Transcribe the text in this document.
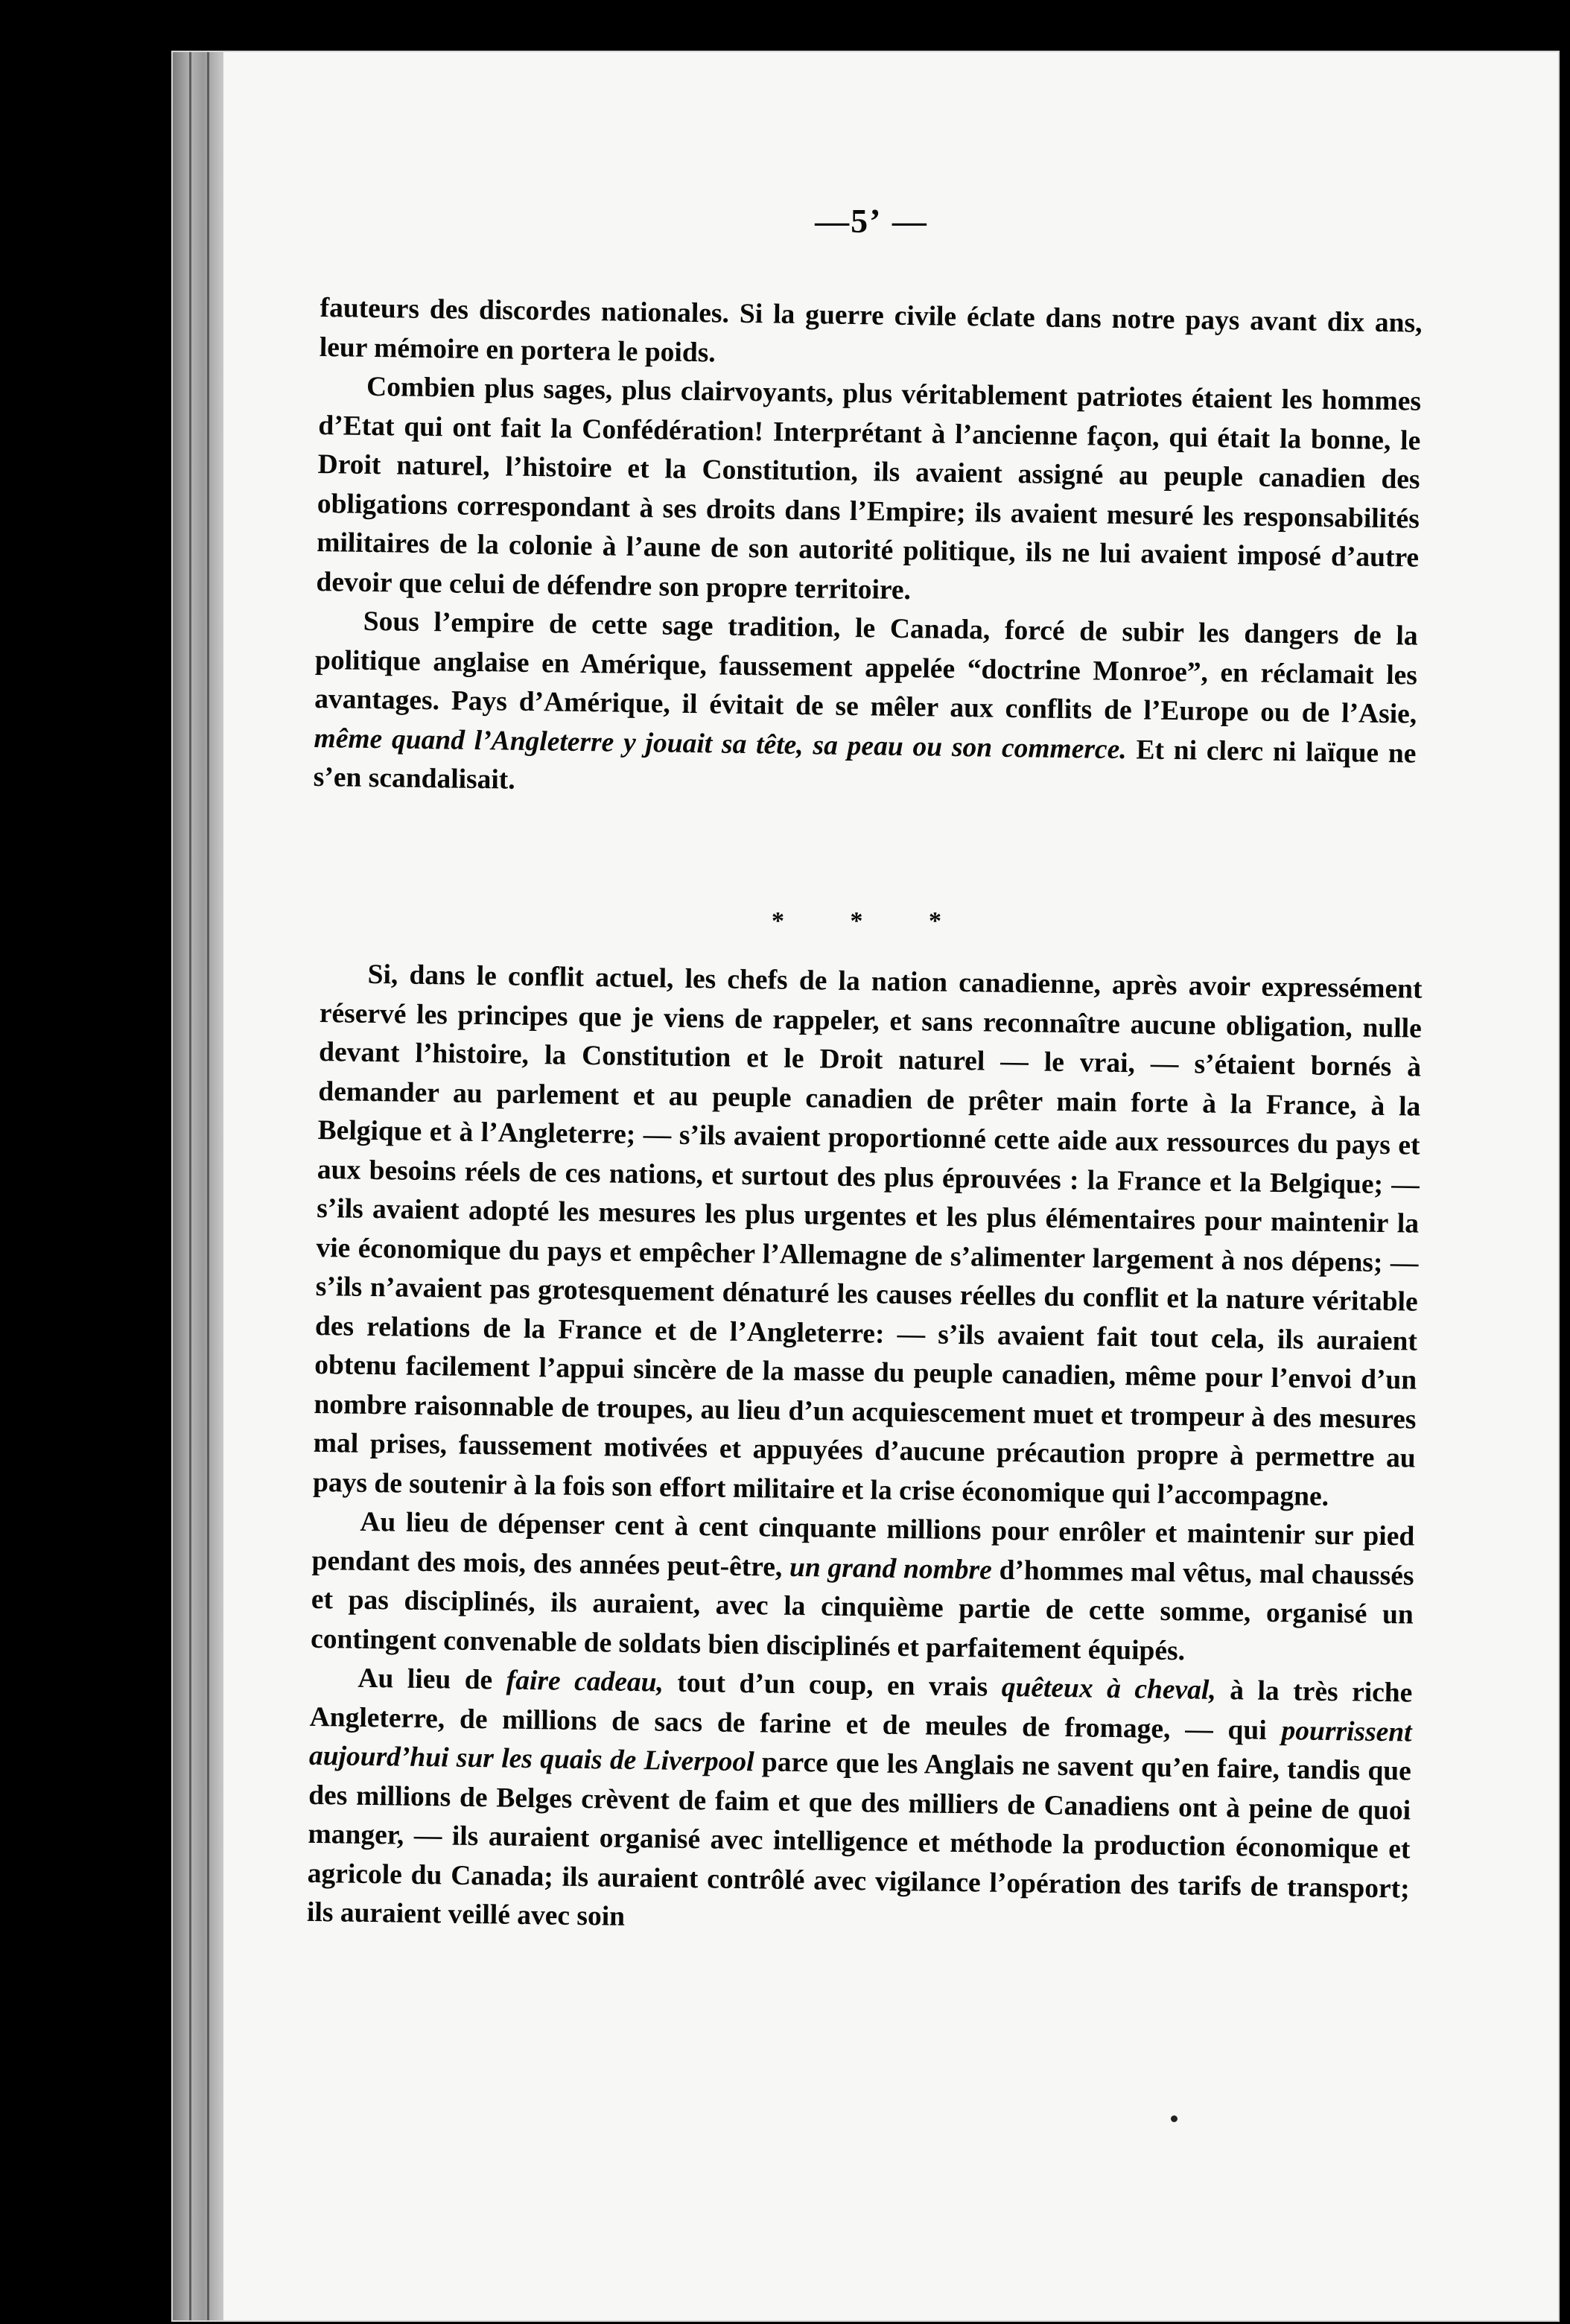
—5ʼ —

fauteurs des discordes nationales. Si la guerre civile éclate dans notre pays avant dix ans, leur mémoire en portera le poids.

Combien plus sages, plus clairvoyants, plus véritablement patriotes étaient les hommes d’Etat qui ont fait la Confédération! Interprétant à l’ancienne façon, qui était la bonne, le Droit naturel, l’histoire et la Constitution, ils avaient assigné au peuple canadien des obligations correspondant à ses droits dans l’Empire; ils avaient mesuré les responsabilités militaires de la colonie à l’aune de son autorité politique, ils ne lui avaient imposé d’autre devoir que celui de défendre son propre territoire.

Sous l’empire de cette sage tradition, le Canada, forcé de subir les dangers de la politique anglaise en Amérique, faussement appelée “doctrine Monroe”, en réclamait les avantages. Pays d’Amérique, il évitait de se mêler aux conflits de l’Europe ou de l’Asie, même quand l’Angleterre y jouait sa tête, sa peau ou son commerce. Et ni clerc ni laïque ne s’en scandalisait.

* * *

Si, dans le conflit actuel, les chefs de la nation canadienne, après avoir expressément réservé les principes que je viens de rappeler, et sans reconnaître aucune obligation, nulle devant l’histoire, la Constitution et le Droit naturel — le vrai, — s’étaient bornés à demander au parlement et au peuple canadien de prêter main forte à la France, à la Belgique et à l’Angleterre; — s’ils avaient proportionné cette aide aux ressources du pays et aux besoins réels de ces nations, et surtout des plus éprouvées : la France et la Belgique; — s’ils avaient adopté les mesures les plus urgentes et les plus élémentaires pour maintenir la vie économique du pays et empêcher l’Allemagne de s’alimenter largement à nos dépens; — s’ils n’avaient pas grotesquement dénaturé les causes réelles du conflit et la nature véritable des relations de la France et de l’Angleterre: — s’ils avaient fait tout cela, ils auraient obtenu facilement l’appui sincère de la masse du peuple canadien, même pour l’envoi d’un nombre raisonnable de troupes, au lieu d’un acquiescement muet et trompeur à des mesures mal prises, faussement motivées et appuyées d’aucune précaution propre à permettre au pays de soutenir à la fois son effort militaire et la crise économique qui l’accompagne.

Au lieu de dépenser cent à cent cinquante millions pour enrôler et maintenir sur pied pendant des mois, des années peut-être, un grand nombre d’hommes mal vêtus, mal chaussés et pas disciplinés, ils auraient, avec la cinquième partie de cette somme, organisé un contingent convenable de soldats bien disciplinés et parfaitement équipés.

Au lieu de faire cadeau, tout d’un coup, en vrais quêteux à cheval, à la très riche Angleterre, de millions de sacs de farine et de meules de fromage, — qui pourrissent aujourd’hui sur les quais de Liverpool parce que les Anglais ne savent qu’en faire, tandis que des millions de Belges crèvent de faim et que des milliers de Canadiens ont à peine de quoi manger, — ils auraient organisé avec intelligence et méthode la production économique et agricole du Canada; ils auraient contrôlé avec vigilance l’opération des tarifs de transport; ils auraient veillé avec soin
